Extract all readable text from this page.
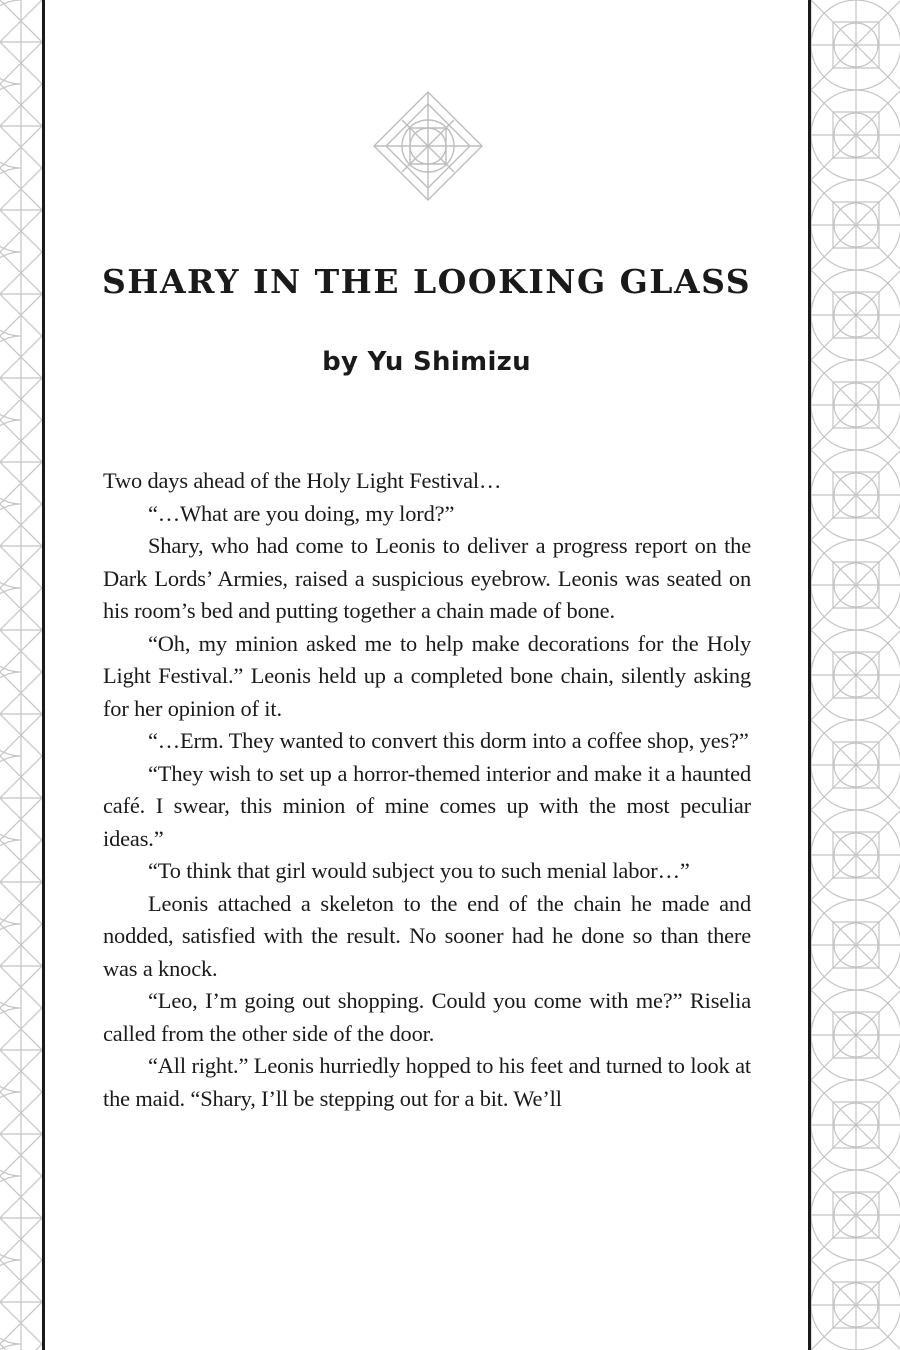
SHARY IN THE LOOKING GLASS
by Yu Shimizu

Two days ahead of the Holy Light Festival…

“…What are you doing, my lord?”

Shary, who had come to Leonis to deliver a progress report on the Dark Lords’ Armies, raised a suspicious eyebrow. Leonis was seated on his room’s bed and putting together a chain made of bone.

“Oh, my minion asked me to help make decorations for the Holy Light Festival.” Leonis held up a completed bone chain, silently asking for her opinion of it.

“…Erm. They wanted to convert this dorm into a coffee shop, yes?”

“They wish to set up a horror-themed interior and make it a haunted café. I swear, this minion of mine comes up with the most peculiar ideas.”

“To think that girl would subject you to such menial labor…”

Leonis attached a skeleton to the end of the chain he made and nodded, satisfied with the result. No sooner had he done so than there was a knock.

“Leo, I’m going out shopping. Could you come with me?” Riselia called from the other side of the door.

“All right.” Leonis hurriedly hopped to his feet and turned to look at the maid. “Shary, I’ll be stepping out for a bit. We’ll
